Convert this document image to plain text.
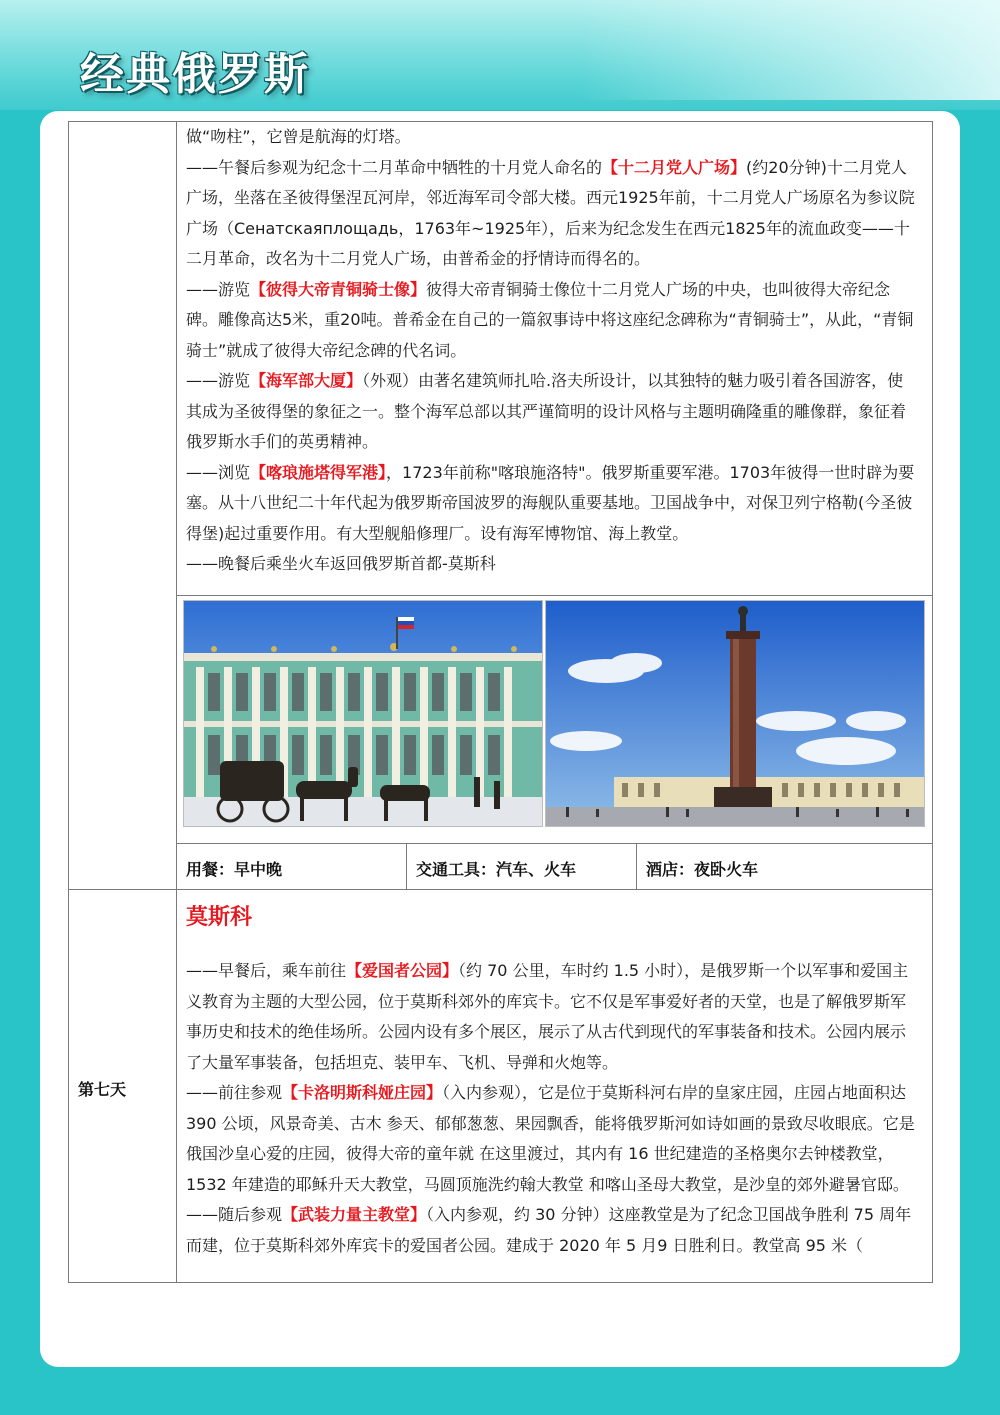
经典俄罗斯

做“吻柱”，它曾是航海的灯塔。

——午餐后参观为纪念十二月革命中牺牲的十月党人命名的【十二月党人广场】(约20分钟)十二月党人广场，坐落在圣彼得堡涅瓦河岸，邻近海军司令部大楼。西元1925年前，十二月党人广场原名为参议院广场（Сенатскаяплощадь，1763年~1925年），后来为纪念发生在西元1825年的流血政变——十二月革命，改名为十二月党人广场，由普希金的抒情诗而得名的。

——游览【彼得大帝青铜骑士像】彼得大帝青铜骑士像位十二月党人广场的中央，也叫彼得大帝纪念碑。雕像高达5米，重20吨。普希金在自己的一篇叙事诗中将这座纪念碑称为“青铜骑士”，从此，“青铜骑士”就成了彼得大帝纪念碑的代名词。

——游览【海军部大厦】（外观）由著名建筑师扎哈.洛夫所设计，以其独特的魅力吸引着各国游客，使其成为圣彼得堡的象征之一。整个海军总部以其严谨简明的设计风格与主题明确隆重的雕像群，象征着俄罗斯水手们的英勇精神。

——浏览【喀琅施塔得军港】，1723年前称"喀琅施洛特"。俄罗斯重要军港。1703年彼得一世时辟为要塞。从十八世纪二十年代起为俄罗斯帝国波罗的海舰队重要基地。卫国战争中，对保卫列宁格勒(今圣彼得堡)起过重要作用。有大型舰船修理厂。设有海军博物馆、海上教堂。

——晚餐后乘坐火车返回俄罗斯首都-莫斯科

用餐：早中晚	交通工具：汽车、火车	酒店：夜卧火车
第七天
莫斯科

——早餐后，乘车前往【爱国者公园】（约 70 公里，车时约 1.5 小时），是俄罗斯一个以军事和爱国主义教育为主题的大型公园，位于莫斯科郊外的库宾卡。它不仅是军事爱好者的天堂，也是了解俄罗斯军事历史和技术的绝佳场所。公园内设有多个展区，展示了从古代到现代的军事装备和技术。公园内展示了大量军事装备，包括坦克、装甲车、飞机、导弹和火炮等。

——前往参观【卡洛明斯科娅庄园】（入内参观），它是位于莫斯科河右岸的皇家庄园，庄园占地面积达 390 公顷，风景奇美、古木 参天、郁郁葱葱、果园飘香，能将俄罗斯河如诗如画的景致尽收眼底。它是俄国沙皇心爱的庄园，彼得大帝的童年就 在这里渡过，其内有 16 世纪建造的圣格奥尔去钟楼教堂，1532 年建造的耶稣升天大教堂，马圆顶施洗约翰大教堂 和喀山圣母大教堂，是沙皇的郊外避暑官邸。

——随后参观【武装力量主教堂】（入内参观，约 30 分钟）这座教堂是为了纪念卫国战争胜利 75 周年而建，位于莫斯科郊外库宾卡的爱国者公园。建成于 2020 年 5 月9 日胜利日。教堂高 95 米（
